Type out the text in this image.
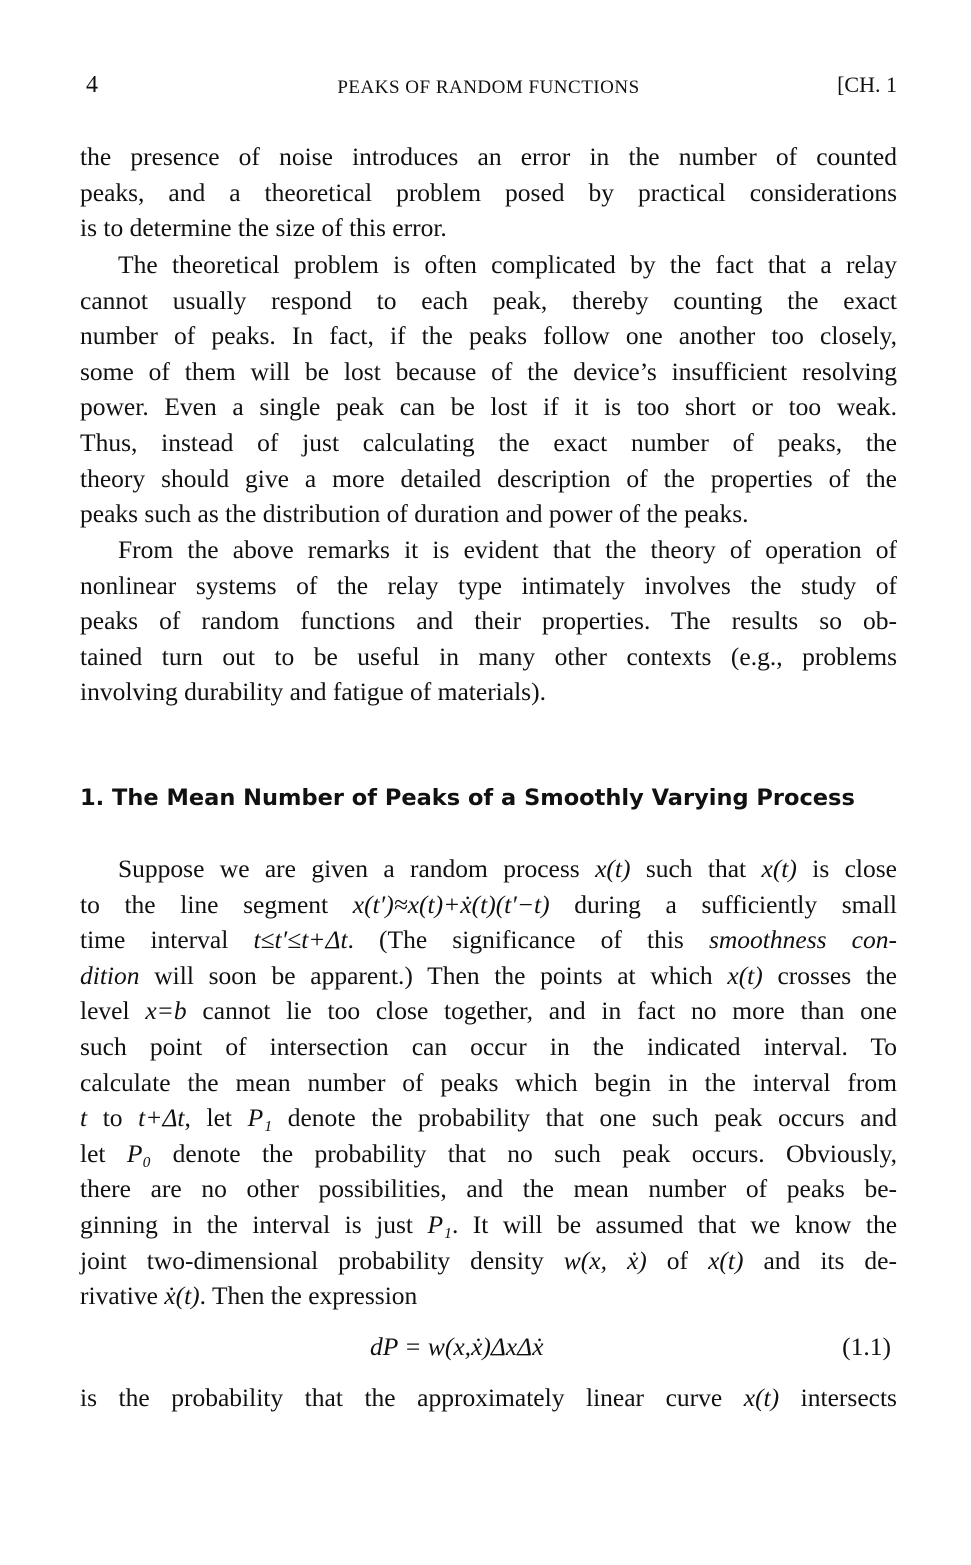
4	PEAKS OF RANDOM FUNCTIONS	[CH. 1
the presence of noise introduces an error in the number of counted
peaks, and a theoretical problem posed by practical considerations
is to determine the size of this error.
The theoretical problem is often complicated by the fact that a relay
cannot usually respond to each peak, thereby counting the exact
number of peaks. In fact, if the peaks follow one another too closely,
some of them will be lost because of the device’s insufficient resolving
power. Even a single peak can be lost if it is too short or too weak.
Thus, instead of just calculating the exact number of peaks, the
theory should give a more detailed description of the properties of the
peaks such as the distribution of duration and power of the peaks.
From the above remarks it is evident that the theory of operation of
nonlinear systems of the relay type intimately involves the study of
peaks of random functions and their properties. The results so ob-
tained turn out to be useful in many other contexts (e.g., problems
involving durability and fatigue of materials).
1. The Mean Number of Peaks of a Smoothly Varying Process
Suppose we are given a random process x(t) such that x(t) is close
to the line segment x(t′)≈x(t)+ẋ(t)(t′−t) during a sufficiently small
time interval t≤t′≤t+Δt. (The significance of this smoothness con-
dition will soon be apparent.) Then the points at which x(t) crosses the
level x=b cannot lie too close together, and in fact no more than one
such point of intersection can occur in the indicated interval. To
calculate the mean number of peaks which begin in the interval from
t to t+Δt, let P₁ denote the probability that one such peak occurs and
let P₀ denote the probability that no such peak occurs. Obviously,
there are no other possibilities, and the mean number of peaks be-
ginning in the interval is just P₁. It will be assumed that we know the
joint two-dimensional probability density w(x, ẋ) of x(t) and its de-
rivative ẋ(t). Then the expression
dP = w(x,ẋ)ΔxΔẋ	(1.1)
is the probability that the approximately linear curve x(t) intersects
